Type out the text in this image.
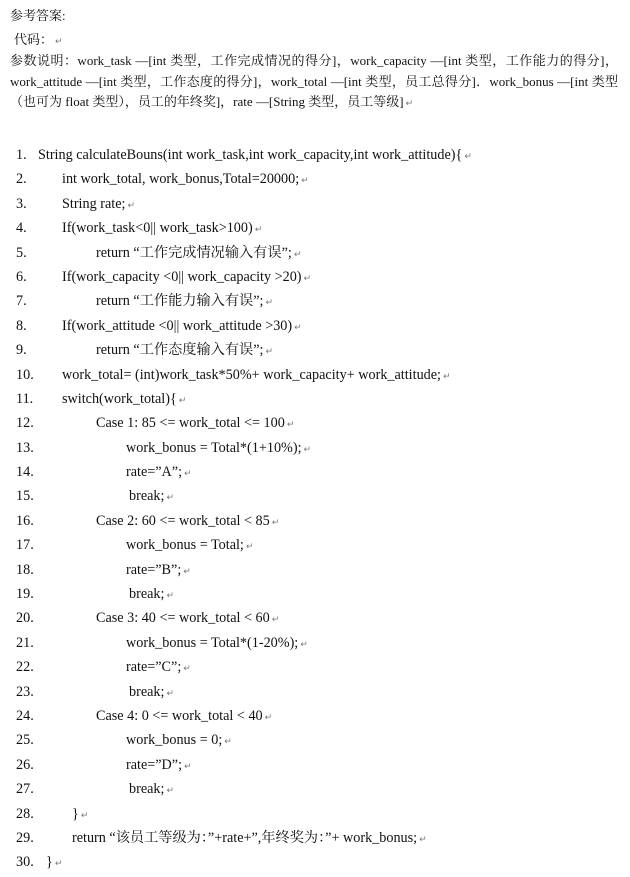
参考答案:
代码： ↵
参数说明：work_task —[int 类型，工作完成情况的得分]，work_capacity —[int 类型，工作能力的得分]，work_attitude —[int 类型，工作态度的得分]，work_total —[int 类型，员工总得分]．work_bonus —[int 类型（也可为 float 类型），员工的年终奖]，rate —[String 类型，员工等级] ↵
1. String calculateBouns(int work_task,int work_capacity,int work_attitude){ ↵
2. int work_total, work_bonus,Total=20000; ↵
3. String rate; ↵
4. If(work_task<0|| work_task>100) ↵
5.	return “工作完成情况输入有误”; ↵
6. If(work_capacity <0|| work_capacity >20) ↵
7.	return “工作能力输入有误”; ↵
8. If(work_attitude <0|| work_attitude >30) ↵
9.	return “工作态度输入有误”; ↵
10. work_total= (int)work_task*50%+ work_capacity+ work_attitude; ↵
11. switch(work_total){ ↵
12.	Case 1: 85 <= work_total <= 100 ↵
13.	work_bonus = Total*(1+10%); ↵
14.	rate=”A”; ↵
15.	break; ↵
16.	Case 2: 60 <= work_total < 85 ↵
17.	work_bonus = Total; ↵
18.	rate=”B”; ↵
19.	break; ↵
20.	Case 3: 40 <= work_total < 60 ↵
21.	work_bonus = Total*(1-20%); ↵
22.	rate=”C”; ↵
23.	break; ↵
24.	Case 4: 0 <= work_total < 40 ↵
25.	work_bonus = 0; ↵
26.	rate=”D”; ↵
27.	break; ↵
28.	} ↵
29.	return “该员工等级为：”+rate+”,年终奖为：”+ work_bonus; ↵
30. } ↵
